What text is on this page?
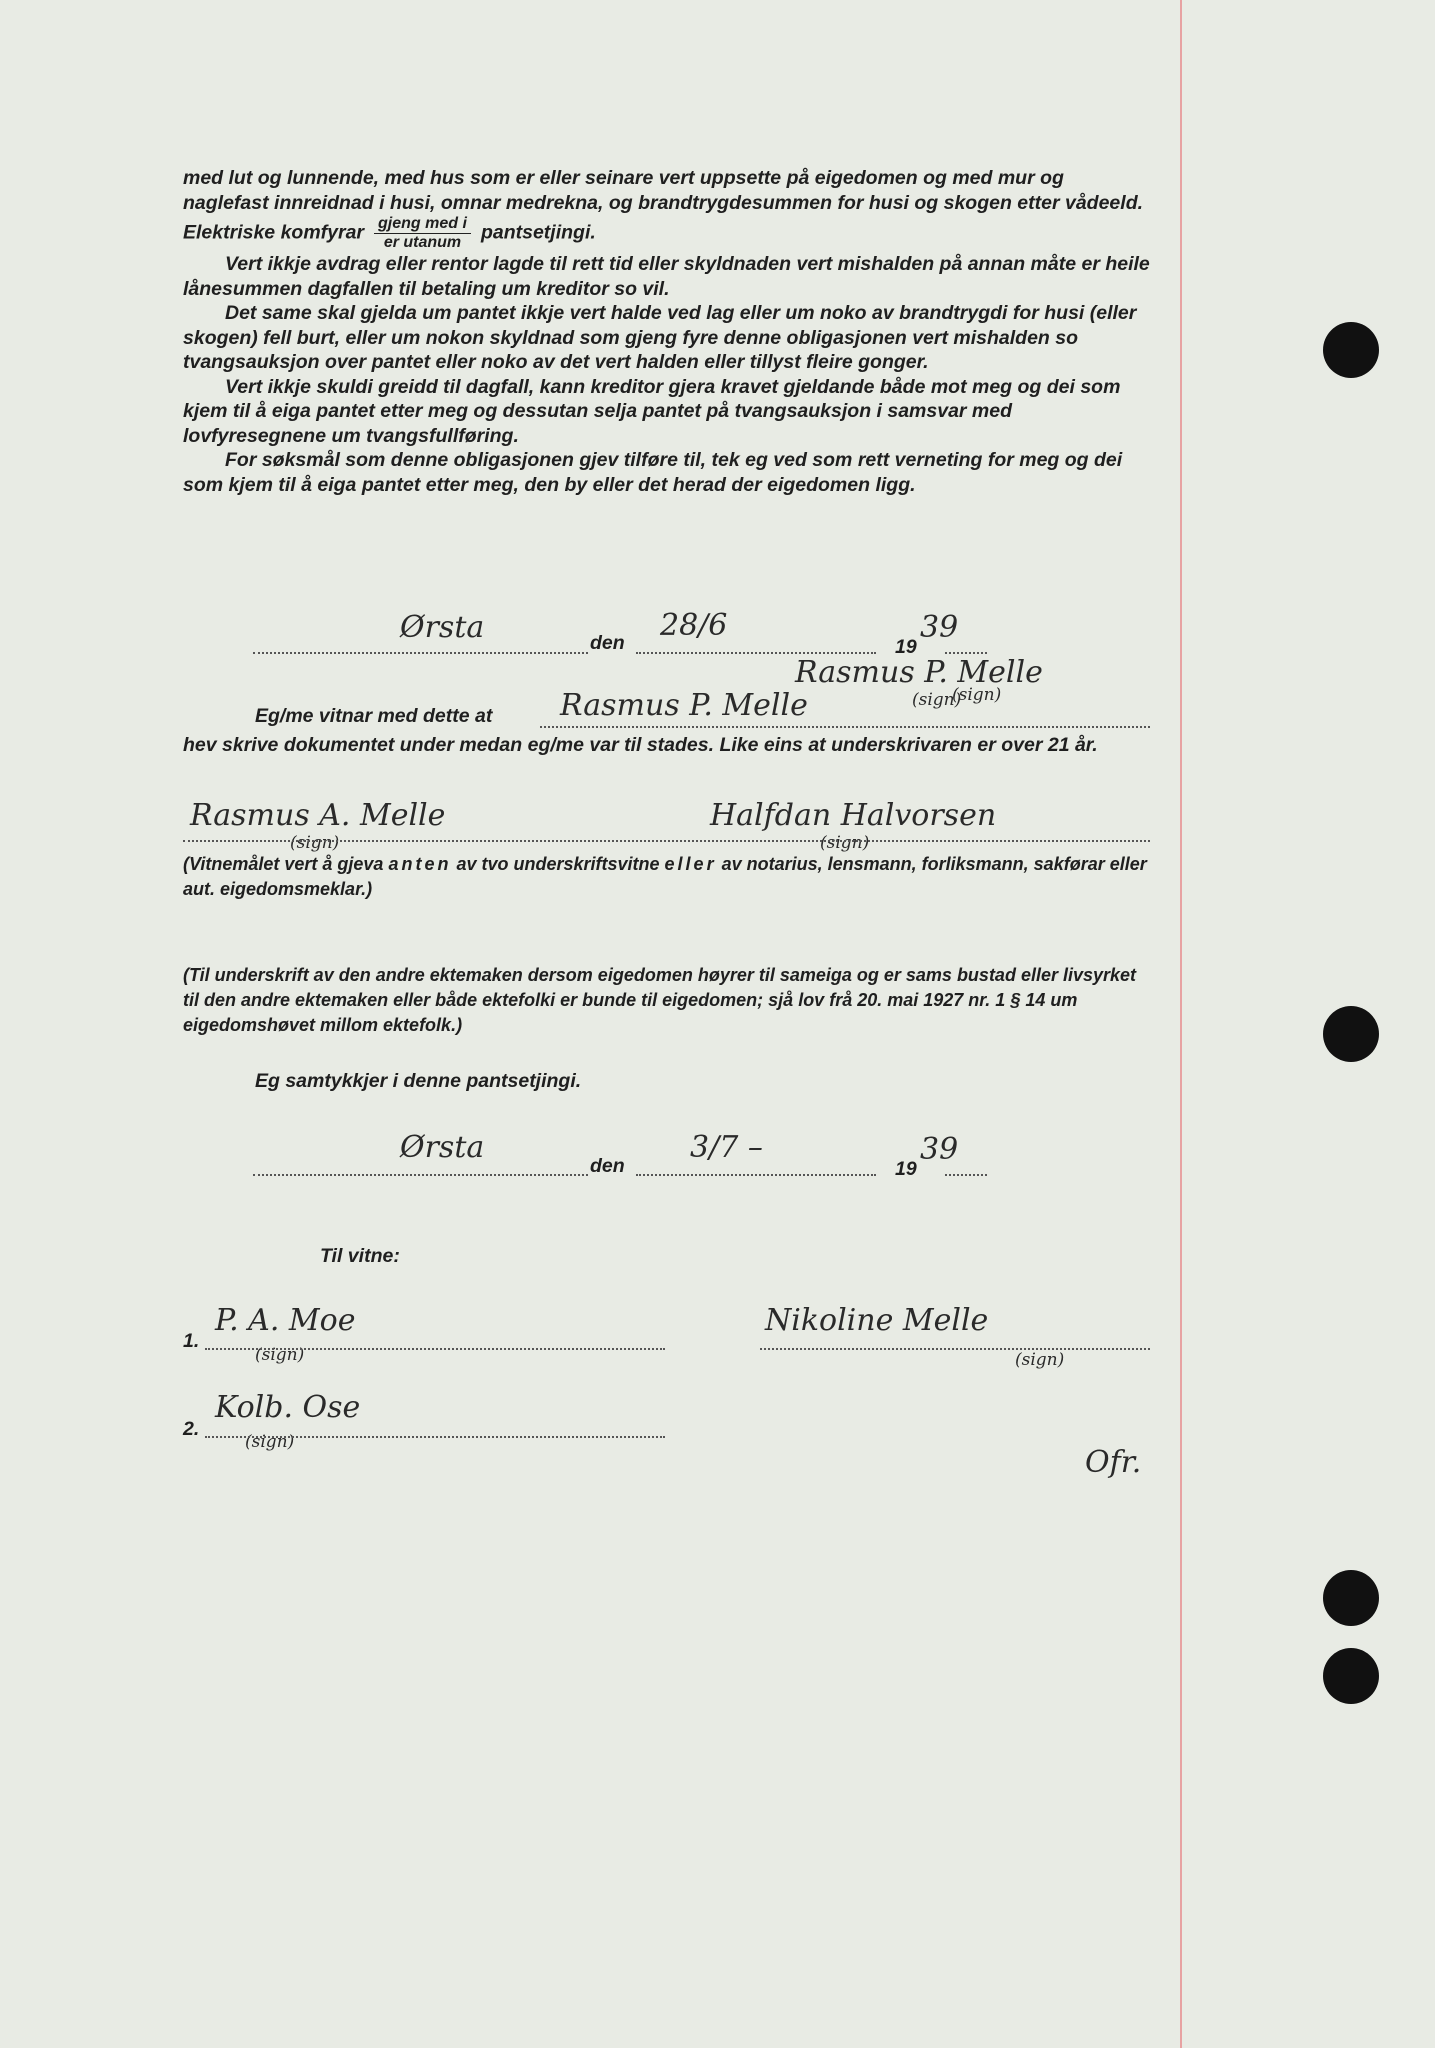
med lut og lunnende, med hus som er eller seinare vert uppsette på eigedomen og med mur og naglefast innreidnad i husi, omnar medrekna, og brandtrygdesummen for husi og skogen etter vådeeld. Elektriske komfyrar $\frac{\text{gjeng med i}}{\text{er utanum}}$ pantsetjingi.

Vert ikkje avdrag eller rentor lagde til rett tid eller skyldnaden vert mishalden på annan måte er heile lånesummen dagfallen til betaling um kreditor so vil.

Det same skal gjelda um pantet ikkje vert halde ved lag eller um noko av brandtrygdi for husi (eller skogen) fell burt, eller um nokon skyldnad som gjeng fyre denne obligasjonen vert mishalden so tvangsauksjon over pantet eller noko av det vert halden eller tillyst fleire gonger.

Vert ikkje skuldi greidd til dagfall, kann kreditor gjera kravet gjeldande både mot meg og dei som kjem til å eiga pantet etter meg og dessutan selja pantet på tvangsauksjon i samsvar med lovfyresegnene um tvangsfullføring.

For søksmål som denne obligasjonen gjev tilføre til, tek eg ved som rett verneting for meg og dei som kjem til å eiga pantet etter meg, den by eller det herad der eigedomen ligg.

Ørsta	den 28/6
19
39
Rasmus P. Melle
(sign)
Eg/me vitnar med dette at Rasmus P. Melle	(sign)
hev skrive dokumentet under medan eg/me var til stades. Like eins at underskrivaren er over 21 år.
Rasmus A. Melle
(sign)
Halfdan Halvorsen
(sign)
(Vitnemålet vert å gjeva anten av tvo underskriftsvitne eller av notarius, lensmann, forliksmann, sakførar eller aut. eigedomsmeklar.)
(Til underskrift av den andre ektemaken dersom eigedomen høyrer til sameiga og er sams bustad eller livsyrket til den andre ektemaken eller både ektefolki er bunde til eigedomen; sjå lov frå 20. mai 1927 nr. 1 § 14 um eigedomshøvet millom ektefolk.)
Eg samtykkjer i denne pantsetjingi.
Ørsta
den
3/7 –
19
39
Til vitne:
1.
P. A. Moe
(sign)
Nikoline Melle
(sign)
2.
Kolb. Ose
(sign)
Ofr.
